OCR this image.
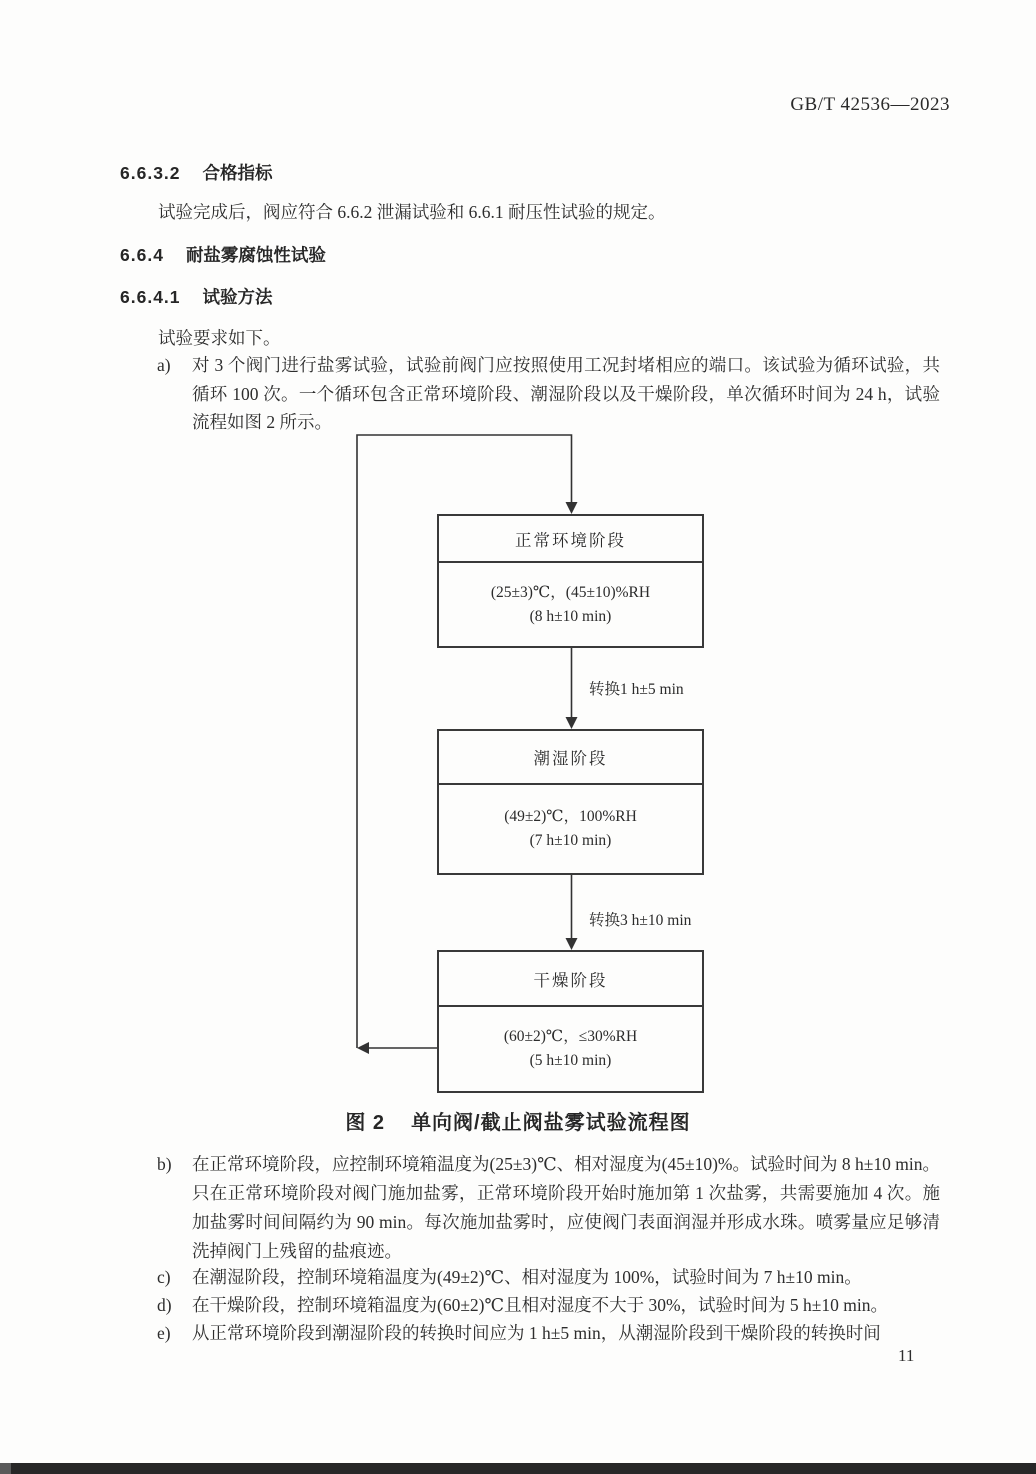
GB/T 42536—2023
6.6.3.2 合格指标
试验完成后，阀应符合 6.6.2 泄漏试验和 6.6.1 耐压性试验的规定。
6.6.4 耐盐雾腐蚀性试验
6.6.4.1 试验方法
试验要求如下。
a) 对 3 个阀门进行盐雾试验，试验前阀门应按照使用工况封堵相应的端口。该试验为循环试验，共循环 100 次。一个循环包含正常环境阶段、潮湿阶段以及干燥阶段，单次循环时间为 24 h，试验流程如图 2 所示。
正常环境阶段
(25±3)℃，(45±10)%RH
(8 h±10 min)
转换1 h±5 min
潮湿阶段
(49±2)℃，100%RH
(7 h±10 min)
转换3 h±10 min
干燥阶段
(60±2)℃，≤30%RH
(5 h±10 min)
图 2 单向阀/截止阀盐雾试验流程图
b) 在正常环境阶段，应控制环境箱温度为(25±3)℃、相对湿度为(45±10)%。试验时间为 8 h±10 min。只在正常环境阶段对阀门施加盐雾，正常环境阶段开始时施加第 1 次盐雾，共需要施加 4 次。施加盐雾时间间隔约为 90 min。每次施加盐雾时，应使阀门表面润湿并形成水珠。喷雾量应足够清洗掉阀门上残留的盐痕迹。
c) 在潮湿阶段，控制环境箱温度为(49±2)℃、相对湿度为 100%，试验时间为 7 h±10 min。
d) 在干燥阶段，控制环境箱温度为(60±2)℃且相对湿度不大于 30%，试验时间为 5 h±10 min。
e) 从正常环境阶段到潮湿阶段的转换时间应为 1 h±5 min，从潮湿阶段到干燥阶段的转换时间
11
